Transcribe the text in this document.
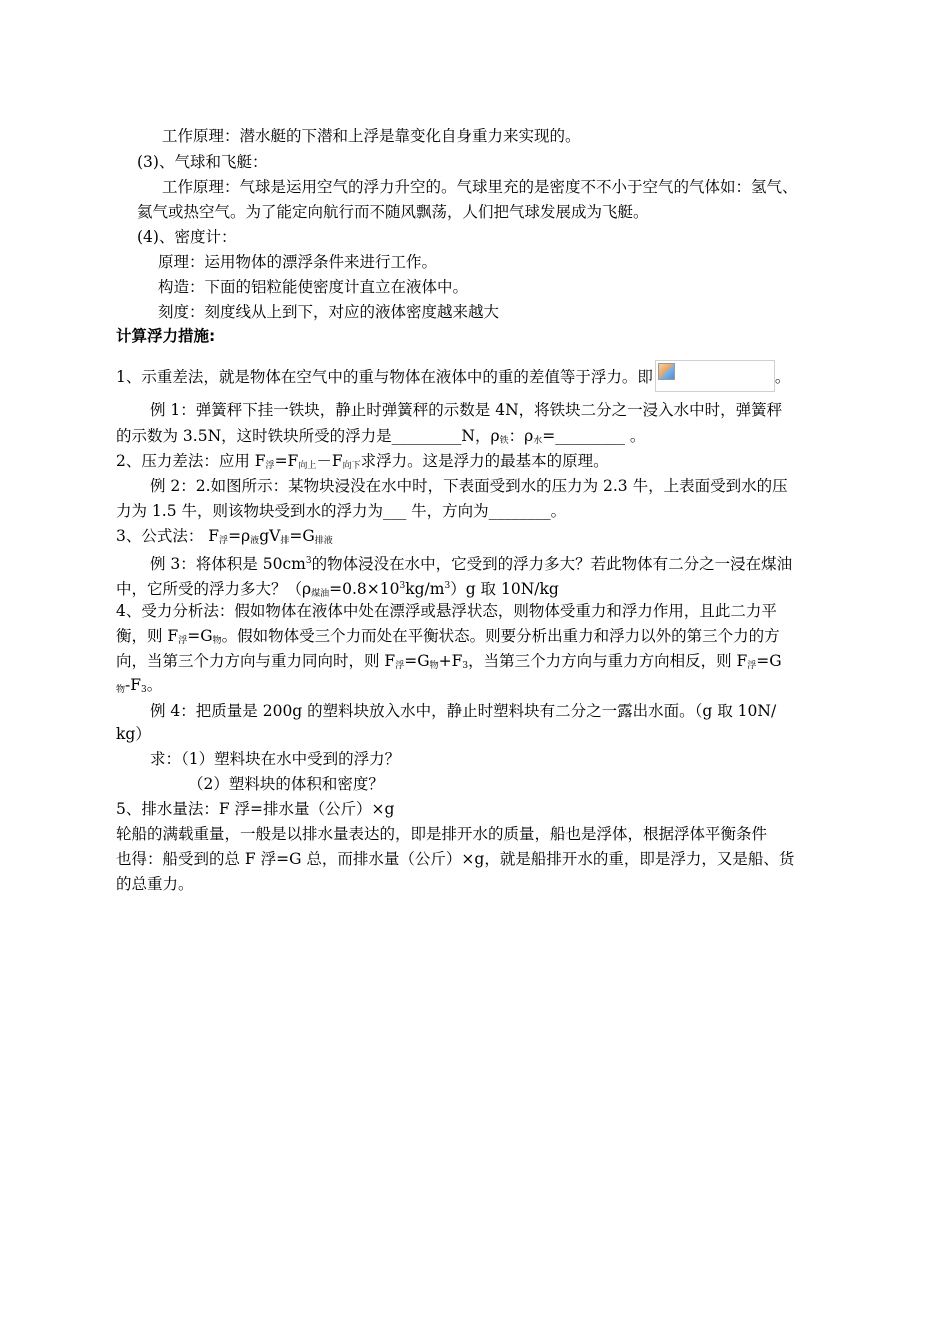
工作原理：潜水艇的下潜和上浮是靠变化自身重力来实现的。
(3)、气球和飞艇：
工作原理：气球是运用空气的浮力升空的。气球里充的是密度不不小于空气的气体如：氢气、
氦气或热空气。为了能定向航行而不随风飘荡，人们把气球发展成为飞艇。
(4)、密度计：
原理：运用物体的漂浮条件来进行工作。
构造：下面的铝粒能使密度计直立在液体中。
刻度：刻度线从上到下，对应的液体密度越来越大
计算浮力措施:
1、示重差法，就是物体在空气中的重与物体在液体中的重的差值等于浮力。即	。
例 1：弹簧秤下挂一铁块，静止时弹簧秤的示数是 4N，将铁块二分之一浸入水中时，弹簧秤
的示数为 3.5N，这时铁块所受的浮力是_________N，$\rho_铁$：$\rho_水=\_\_\_\_\_\_\_\_\_$ 。
2、压力差法：应用 $F_浮=F_{向上}-F_{向下}$求浮力。这是浮力的最基本的原理。
例 2：2.如图所示：某物块浸没在水中时，下表面受到水的压力为 2.3 牛，上表面受到水的压
力为 1.5 牛，则该物块受到水的浮力为___ 牛，方向为________。
3、公式法： $F_浮=\rho_液gV_排=G_{排液}$
例 3：将体积是 $50cm^3$的物体浸没在水中，它受到的浮力多大？若此物体有二分之一浸在煤油
中，它所受的浮力多大？$(\rho_{煤油}=0.8\times 10^3kg/m^3)g$ 取 10N/kg
4、受力分析法：假如物体在液体中处在漂浮或悬浮状态，则物体受重力和浮力作用，且此二力平
衡，则 $F_浮=G_物$。假如物体受三个力而处在平衡状态。则要分析出重力和浮力以外的第三个力的方
向，当第三个力方向与重力同向时，则 $F_浮=G_物+F_3$，当第三个力方向与重力方向相反，则 $F_浮=G$
$_物-F_3$。
例 4：把质量是 200g 的塑料块放入水中，静止时塑料块有二分之一露出水面。（g 取 10N/
kg）
求：（1）塑料块在水中受到的浮力？
（2）塑料块的体积和密度？
5、排水量法：F 浮=排水量（公斤）×g
轮船的满载重量，一般是以排水量表达的，即是排开水的质量，船也是浮体，根据浮体平衡条件
也得：船受到的总 F 浮=G 总，而排水量（公斤）×g，就是船排开水的重，即是浮力，又是船、货
的总重力。
